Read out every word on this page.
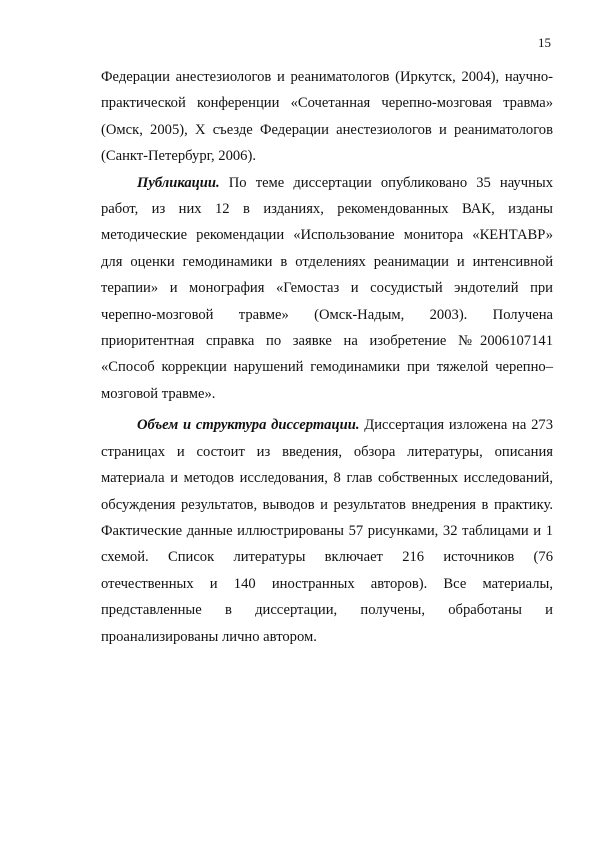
15

Федерации анестезиологов и реаниматологов (Иркутск, 2004), научно-практической конференции «Сочетанная черепно-мозговая травма» (Омск, 2005), Х съезде Федерации анестезиологов и реаниматологов (Санкт-Петербург, 2006).

Публикации. По теме диссертации опубликовано 35 научных работ, из них 12 в изданиях, рекомендованных ВАК, изданы методические рекомендации «Использование монитора «КЕНТАВР» для оценки гемодинамики в отделениях реанимации и интенсивной терапии» и монография «Гемостаз и сосудистый эндотелий при черепно-мозговой травме» (Омск-Надым, 2003). Получена приоритентная справка по заявке на изобретение №2006107141 «Способ коррекции нарушений гемодинамики при тяжелой черепно–мозговой травме».

Объем и структура диссертации. Диссертация изложена на 273 страницах и состоит из введения, обзора литературы, описания материала и методов исследования, 8 глав собственных исследований, обсуждения результатов, выводов и результатов внедрения в практику. Фактические данные иллюстрированы 57 рисунками, 32 таблицами и 1 схемой. Список литературы включает 216 источников (76 отечественных и 140 иностранных авторов). Все материалы, представленные в диссертации, получены, обработаны и проанализированы лично автором.
